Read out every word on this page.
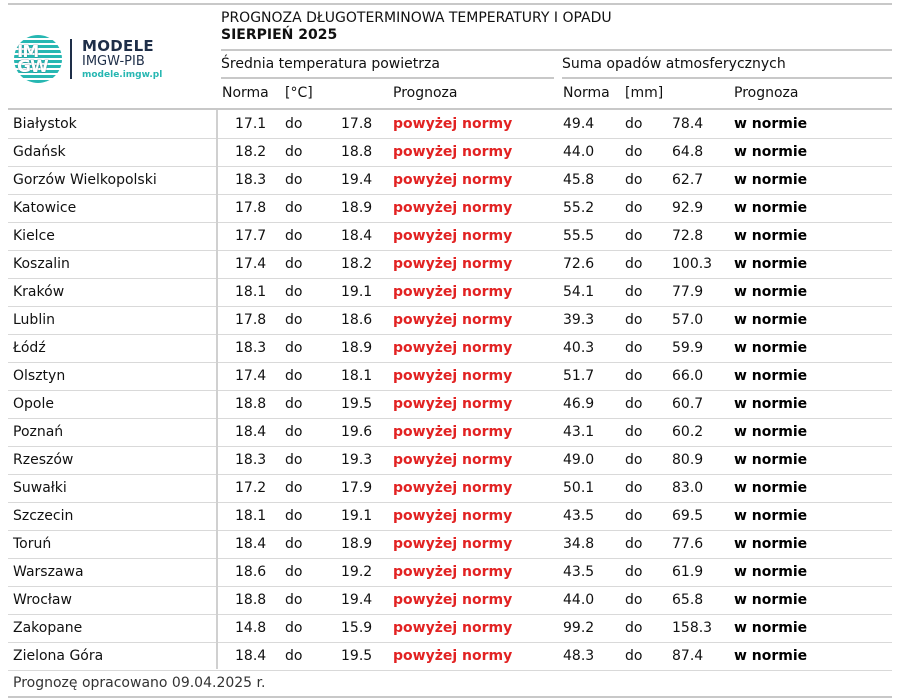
IM
GW
MODELE
IMGW-PIB
modele.imgw.pl
PROGNOZA DŁUGOTERMINOWA TEMPERATURY I OPADU
SIERPIEŃ 2025
Średnia temperatura powietrza	Suma opadów atmosferycznych
Norma [°C]	Prognoza	Norma [mm]	Prognoza
Białystok	17.1 do	17.8 powyżej normy	49.4 do 78.4 w normie
Gdańsk	18.2 do	18.8 powyżej normy	44.0 do 64.8 w normie
Gorzów Wielkopolski	18.3 do	19.4 powyżej normy	45.8 do 62.7 w normie
Katowice	17.8 do	18.9 powyżej normy	55.2 do 92.9 w normie
Kielce	17.7 do	18.4 powyżej normy	55.5 do 72.8 w normie
Koszalin	17.4 do	18.2 powyżej normy	72.6 do 100.3 w normie
Kraków	18.1 do	19.1 powyżej normy	54.1 do 77.9 w normie
Lublin	17.8 do	18.6 powyżej normy	39.3 do 57.0 w normie
Łódź	18.3 do	18.9 powyżej normy	40.3 do 59.9 w normie
Olsztyn	17.4 do	18.1 powyżej normy	51.7 do 66.0 w normie
Opole	18.8 do	19.5 powyżej normy	46.9 do 60.7 w normie
Poznań	18.4 do	19.6 powyżej normy	43.1 do 60.2 w normie
Rzeszów	18.3 do	19.3 powyżej normy	49.0 do 80.9 w normie
Suwałki	17.2 do	17.9 powyżej normy	50.1 do 83.0 w normie
Szczecin	18.1 do	19.1 powyżej normy	43.5 do 69.5 w normie
Toruń	18.4 do	18.9 powyżej normy	34.8 do 77.6 w normie
Warszawa	18.6 do	19.2 powyżej normy	43.5 do 61.9 w normie
Wrocław	18.8 do	19.4 powyżej normy	44.0 do 65.8 w normie
Zakopane	14.8 do	15.9 powyżej normy	99.2 do 158.3 w normie
Zielona Góra	18.4 do	19.5 powyżej normy	48.3 do 87.4 w normie
Prognozę opracowano 09.04.2025 r.
